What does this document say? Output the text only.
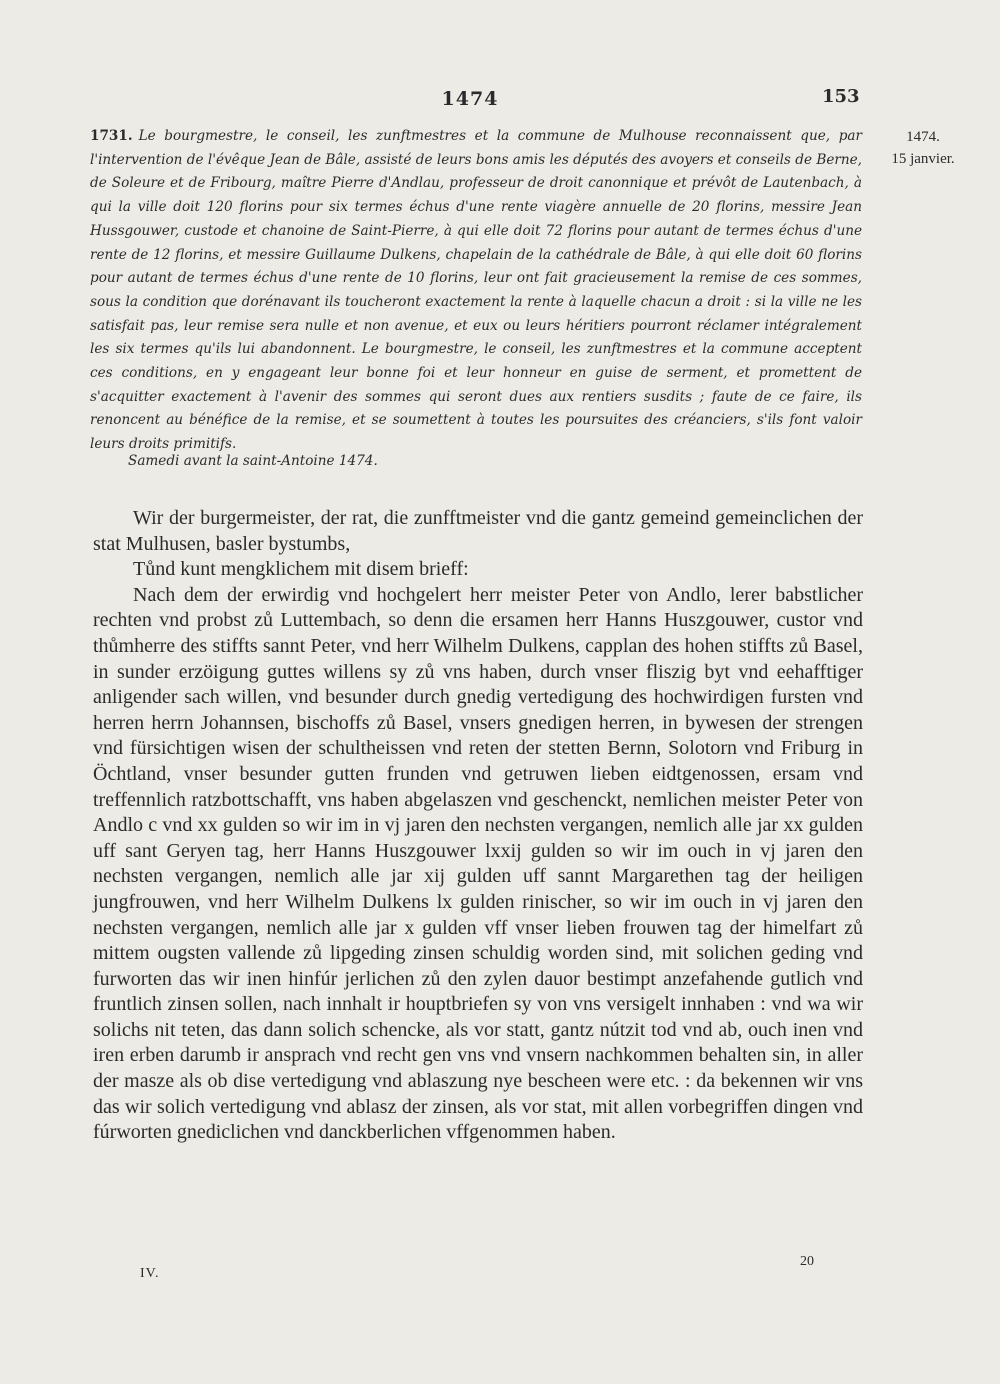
1474	153
1474.
15 janvier.

1731. Le bourgmestre, le conseil, les zunftmestres et la commune de Mulhouse reconnaissent que, par l'intervention de l'évêque Jean de Bâle, assisté de leurs bons amis les députés des avoyers et conseils de Berne, de Soleure et de Fribourg, maître Pierre d'Andlau, professeur de droit canonnique et prévôt de Lautenbach, à qui la ville doit 120 florins pour six termes échus d'une rente viagère annuelle de 20 florins, messire Jean Hussgouwer, custode et chanoine de Saint-Pierre, à qui elle doit 72 florins pour autant de termes échus d'une rente de 12 florins, et messire Guillaume Dulkens, chapelain de la cathédrale de Bâle, à qui elle doit 60 florins pour autant de termes échus d'une rente de 10 florins, leur ont fait gracieusement la remise de ces sommes, sous la condition que dorénavant ils toucheront exactement la rente à laquelle chacun a droit : si la ville ne les satisfait pas, leur remise sera nulle et non avenue, et eux ou leurs héritiers pourront réclamer intégralement les six termes qu'ils lui abandonnent. Le bourgmestre, le conseil, les zunftmestres et la commune acceptent ces conditions, en y engageant leur bonne foi et leur honneur en guise de serment, et promettent de s'acquitter exactement à l'avenir des sommes qui seront dues aux rentiers susdits ; faute de ce faire, ils renoncent au bénéfice de la remise, et se soumettent à toutes les poursuites des créanciers, s'ils font valoir leurs droits primitifs.

Samedi avant la saint-Antoine 1474.

Wir der burgermeister, der rat, die zunfftmeister vnd die gantz gemeind gemeinclichen der stat Mulhusen, basler bystumbs,

Tůnd kunt mengklichem mit disem brieff:

Nach dem der erwirdig vnd hochgelert herr meister Peter von Andlo, lerer babstlicher rechten vnd probst zů Luttembach, so denn die ersamen herr Hanns Huszgouwer, custor vnd thůmherre des stiffts sannt Peter, vnd herr Wilhelm Dulkens, capplan des hohen stiffts zů Basel, in sunder erzöigung guttes willens sy zů vns haben, durch vnser fliszig byt vnd eehafftiger anligender sach willen, vnd besunder durch gnedig vertedigung des hochwirdigen fursten vnd herren herrn Johannsen, bischoffs zů Basel, vnsers gnedigen herren, in bywesen der strengen vnd fürsichtigen wisen der schultheissen vnd reten der stetten Bernn, Solotorn vnd Friburg in Öchtland, vnser besunder gutten frunden vnd getruwen lieben eidtgenossen, ersam vnd treffennlich ratzbottschafft, vns haben abgelaszen vnd geschenckt, nemlichen meister Peter von Andlo c vnd xx gulden so wir im in vj jaren den nechsten vergangen, nemlich alle jar xx gulden uff sant Geryen tag, herr Hanns Huszgouwer lxxij gulden so wir im ouch in vj jaren den nechsten vergangen, nemlich alle jar xij gulden uff sannt Margarethen tag der heiligen jungfrouwen, vnd herr Wilhelm Dulkens lx gulden rinischer, so wir im ouch in vj jaren den nechsten vergangen, nemlich alle jar x gulden vff vnser lieben frouwen tag der himelfart zů mittem ougsten vallende zů lipgeding zinsen schuldig worden sind, mit solichen geding vnd furworten das wir inen hinfúr jerlichen zů den zylen dauor bestimpt anzefahende gutlich vnd fruntlich zinsen sollen, nach innhalt ir houptbriefen sy von vns versigelt innhaben : vnd wa wir solichs nit teten, das dann solich schencke, als vor statt, gantz nútzit tod vnd ab, ouch inen vnd iren erben darumb ir ansprach vnd recht gen vns vnd vnsern nachkommen behalten sin, in aller der masze als ob dise vertedigung vnd ablaszung nye bescheen were etc. : da bekennen wir vns das wir solich vertedigung vnd ablasz der zinsen, als vor stat, mit allen vorbegriffen dingen vnd fúrworten gnediclichen vnd danckberlichen vffgenommen haben.

IV.
20
